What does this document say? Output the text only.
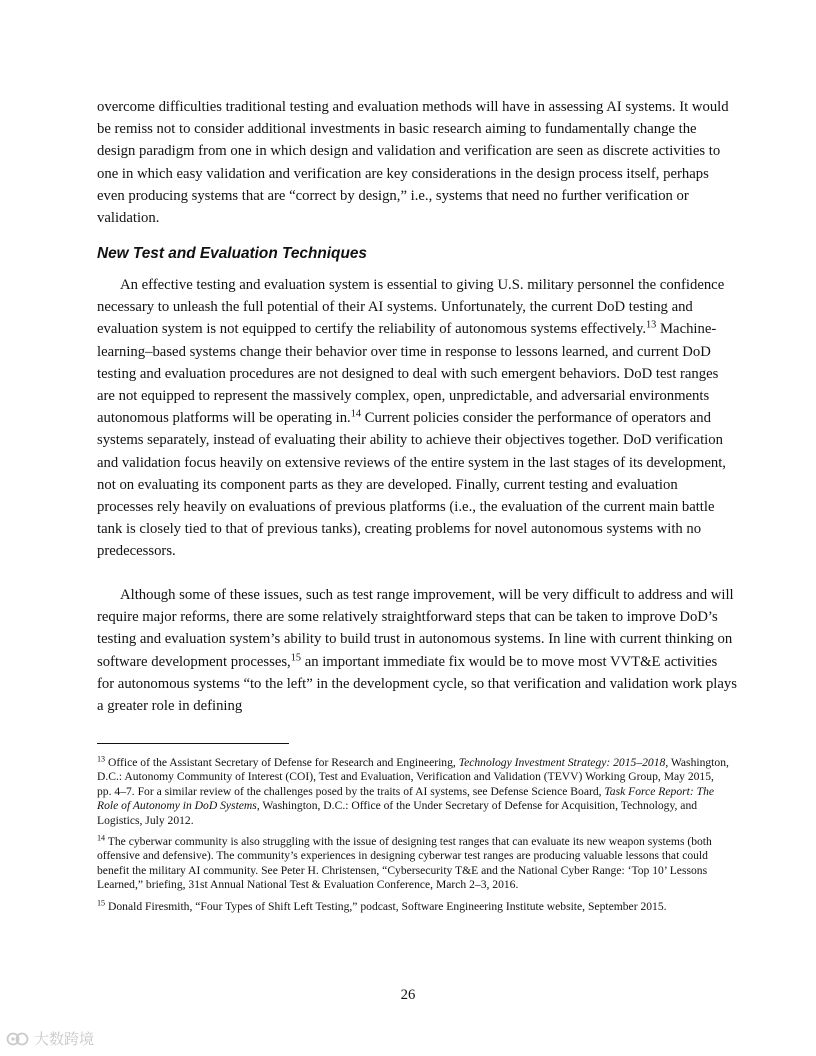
overcome difficulties traditional testing and evaluation methods will have in assessing AI systems. It would be remiss not to consider additional investments in basic research aiming to fundamentally change the design paradigm from one in which design and validation and verification are seen as discrete activities to one in which easy validation and verification are key considerations in the design process itself, perhaps even producing systems that are “correct by design,” i.e., systems that need no further verification or validation.

New Test and Evaluation Techniques

An effective testing and evaluation system is essential to giving U.S. military personnel the confidence necessary to unleash the full potential of their AI systems. Unfortunately, the current DoD testing and evaluation system is not equipped to certify the reliability of autonomous systems effectively.$^{13}$ Machine-learning–based systems change their behavior over time in response to lessons learned, and current DoD testing and evaluation procedures are not designed to deal with such emergent behaviors. DoD test ranges are not equipped to represent the massively complex, open, unpredictable, and adversarial environments autonomous platforms will be operating in.$^{14}$ Current policies consider the performance of operators and systems separately, instead of evaluating their ability to achieve their objectives together. DoD verification and validation focus heavily on extensive reviews of the entire system in the last stages of its development, not on evaluating its component parts as they are developed. Finally, current testing and evaluation processes rely heavily on evaluations of previous platforms (i.e., the evaluation of the current main battle tank is closely tied to that of previous tanks), creating problems for novel autonomous systems with no predecessors.

Although some of these issues, such as test range improvement, will be very difficult to address and will require major reforms, there are some relatively straightforward steps that can be taken to improve DoD’s testing and evaluation system’s ability to build trust in autonomous systems. In line with current thinking on software development processes,$^{15}$ an important immediate fix would be to move most VVT&E activities for autonomous systems “to the left” in the development cycle, so that verification and validation work plays a greater role in defining

$^{13}$ Office of the Assistant Secretary of Defense for Research and Engineering, Technology Investment Strategy: 2015–2018, Washington, D.C.: Autonomy Community of Interest (COI), Test and Evaluation, Verification and Validation (TEVV) Working Group, May 2015, pp. 4–7. For a similar review of the challenges posed by the traits of AI systems, see Defense Science Board, Task Force Report: The Role of Autonomy in DoD Systems, Washington, D.C.: Office of the Under Secretary of Defense for Acquisition, Technology, and Logistics, July 2012.

$^{14}$ The cyberwar community is also struggling with the issue of designing test ranges that can evaluate its new weapon systems (both offensive and defensive). The community’s experiences in designing cyberwar test ranges are producing valuable lessons that could benefit the military AI community. See Peter H. Christensen, “Cybersecurity T&E and the National Cyber Range: ‘Top 10’ Lessons Learned,” briefing, 31st Annual National Test & Evaluation Conference, March 2–3, 2016.

$^{15}$ Donald Firesmith, “Four Types of Shift Left Testing,” podcast, Software Engineering Institute website, September 2015.

26
大数跨境
